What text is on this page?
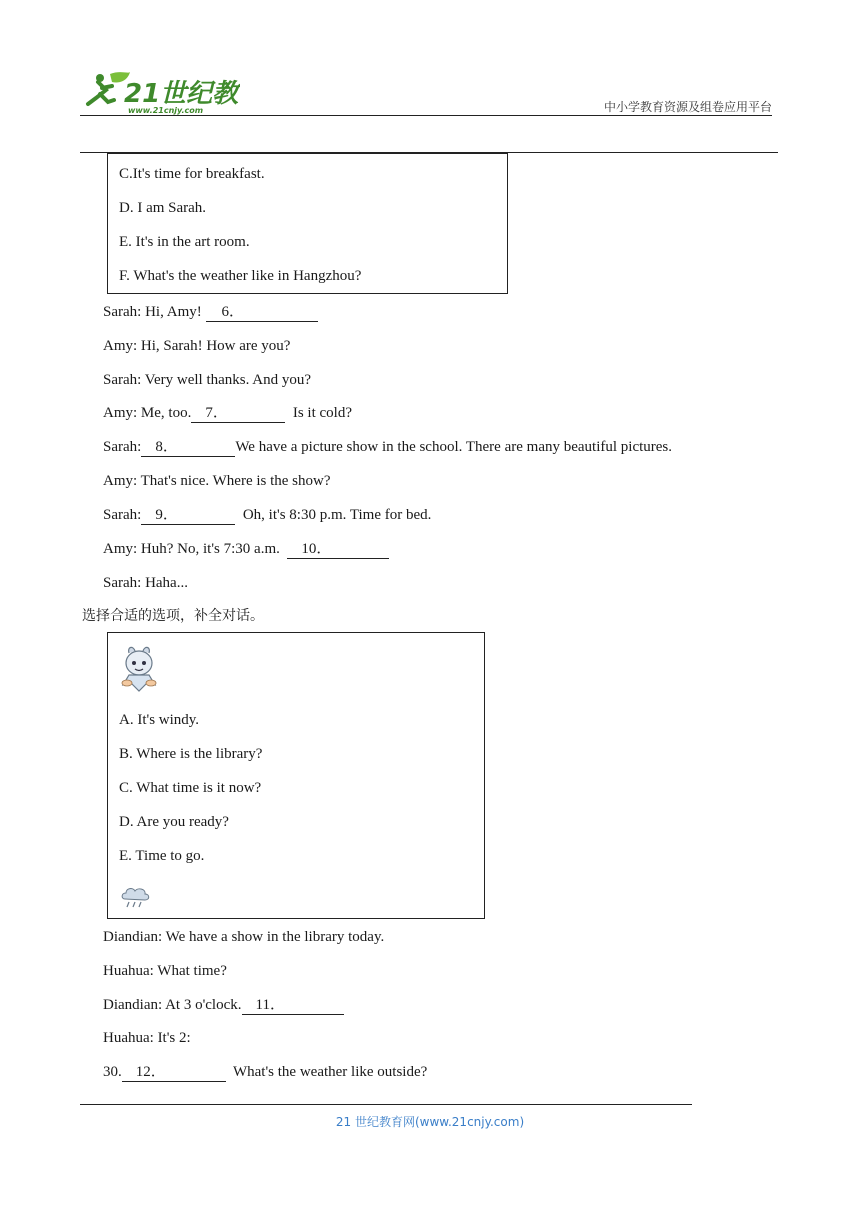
21世纪教
www.21cnjy.com	中小学教育资源及组卷应用平台
C.It's time for breakfast.
D. I am Sarah.
E. It's in the art room.
F. What's the weather like in Hangzhou?
Sarah: Hi, Amy! 6．
Amy: Hi, Sarah! How are you?
Sarah: Very well thanks. And you?
Amy: Me, too. 7．	Is it cold?
Sarah: 8．	We have a picture show in the school. There are many beautiful pictures.
Amy: That's nice. Where is the show?
Sarah: 9．	Oh, it's 8:30 p.m. Time for bed.
Amy: Huh? No, it's 7:30 a.m.  10．
Sarah: Haha...
选择合适的选项，补全对话。
A. It's windy.
B. Where is the library?
C. What time is it now?
D. Are you ready?
E. Time to go.
Diandian: We have a show in the library today.
Huahua: What time?
Diandian: At 3 o'clock. 11．
Huahua: It's 2:
30. 12．	What's the weather like outside?
21 世纪教育网(www.21cnjy.com)
